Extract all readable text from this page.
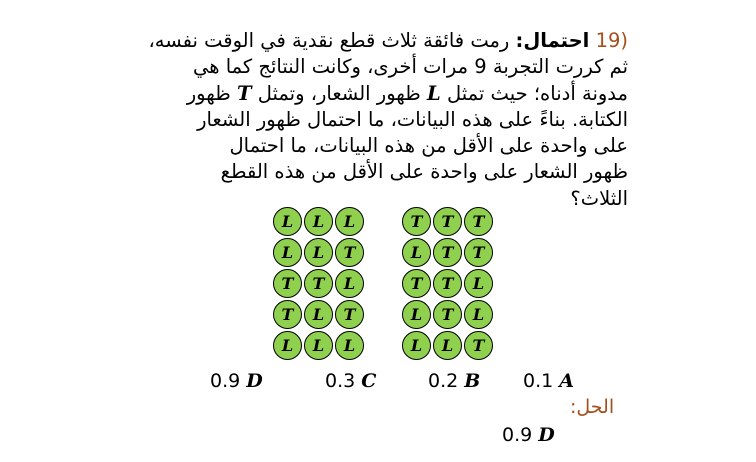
(19 احتمال: رمت فائقة ثلاث قطع نقدية في الوقت نفسه،
ثم كررت التجربة 9 مرات أخرى، وكانت النتائج كما هي
مدونة أدناه؛ حيث تمثل L ظهور الشعار، وتمثل T ظهور
الكتابة. بناءً على هذه البيانات، ما احتمال ظهور الشعار
على واحدة على الأقل من هذه البيانات، ما احتمال
ظهور الشعار على واحدة على الأقل من هذه القطع
الثلاث؟
L	L	L
L	L	T
T	T	L
T	L	T
L	L	L
T	T	T
L	T	T
T	T	L
L	T	L
L	L	T
0.9 D	0.3 C	0.2 B 0.1 A
الحل:
0.9 D
